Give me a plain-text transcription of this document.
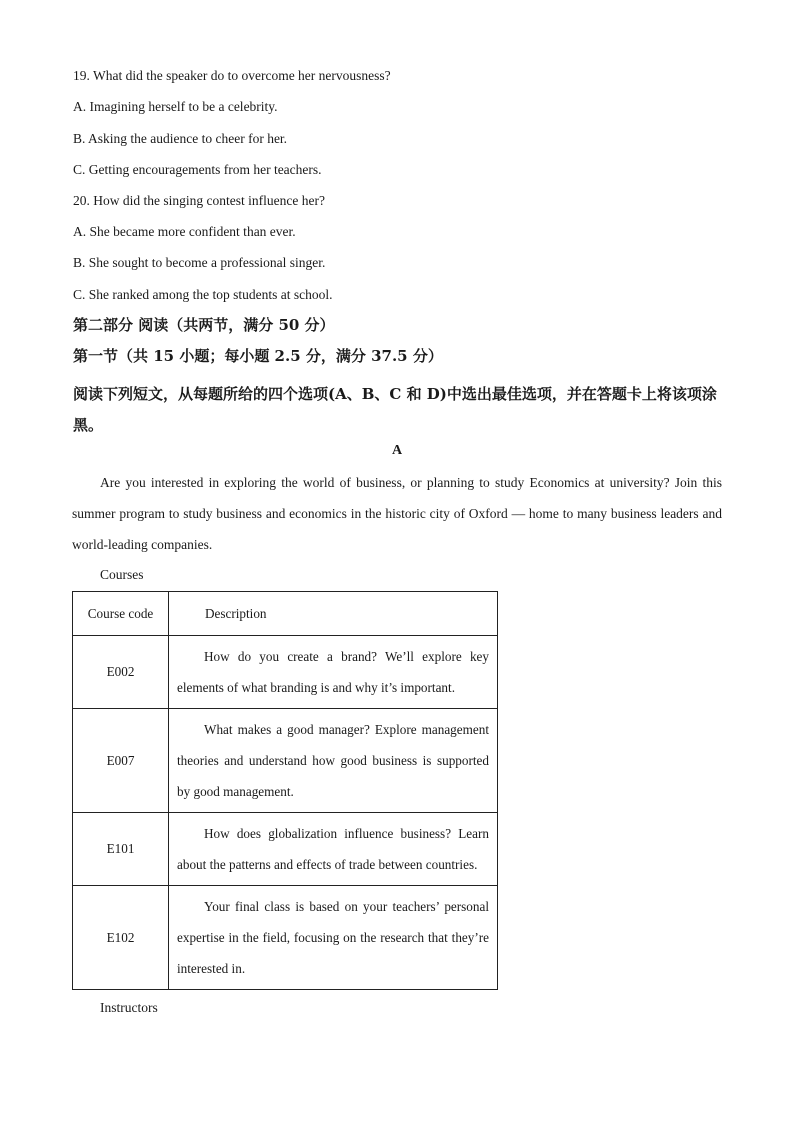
19. What did the speaker do to overcome her nervousness?
A. Imagining herself to be a celebrity.
B. Asking the audience to cheer for her.
C. Getting encouragements from her teachers.
20. How did the singing contest influence her?
A. She became more confident than ever.
B. She sought to become a professional singer.
C. She ranked among the top students at school.
第二部分 阅读（共两节，满分 50 分）
第一节（共 15 小题；每小题 2.5 分，满分 37.5 分）
阅读下列短文，从每题所给的四个选项(A、B、C 和 D)中选出最佳选项，并在答题卡上将该项涂黑。
A
Are you interested in exploring the world of business, or planning to study Economics at university? Join this summer program to study business and economics in the historic city of Oxford — home to many business leaders and world-leading companies.
Courses
Course code	Description
E002	How do you create a brand? We’ll explore key elements of what branding is and why it’s important.
E007	What makes a good manager? Explore management theories and understand how good business is supported by good management.
E101	How does globalization influence business? Learn about the patterns and effects of trade between countries.
E102	Your final class is based on your teachers’ personal expertise in the field, focusing on the research that they’re interested in.
Instructors
